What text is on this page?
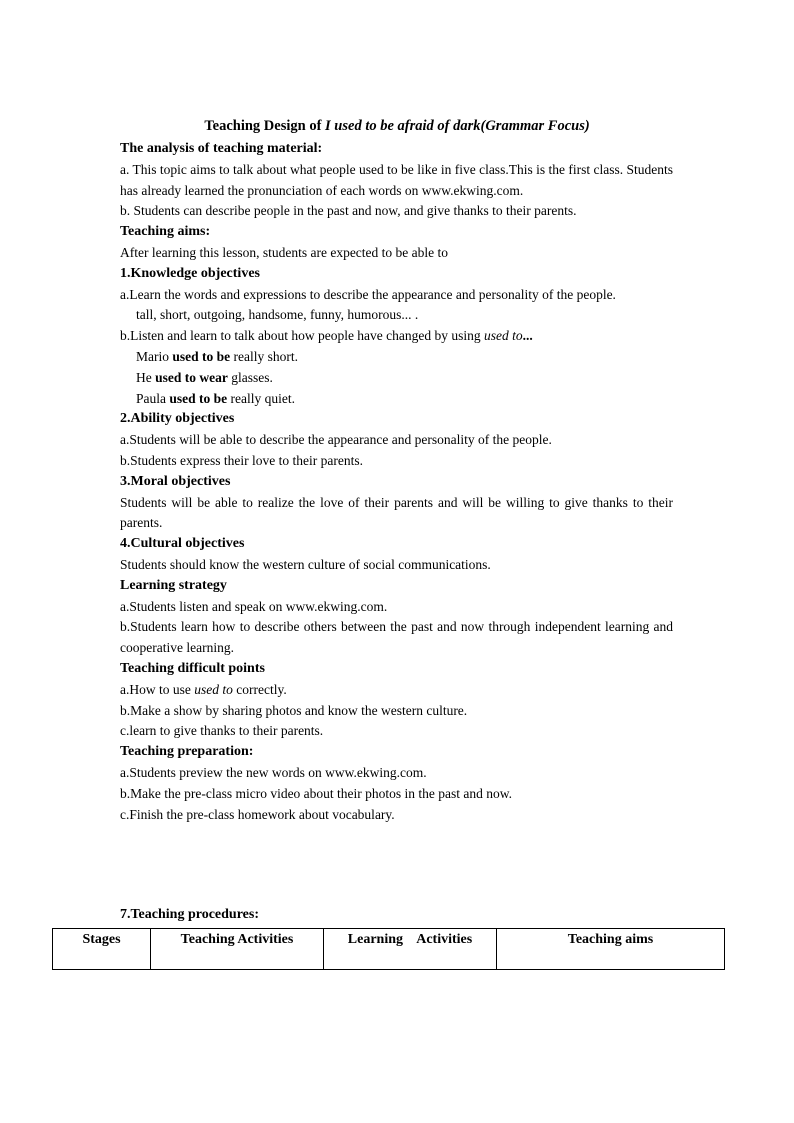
Teaching Design of I used to be afraid of dark(Grammar Focus)

The analysis of teaching material:

a. This topic aims to talk about what people used to be like in five class.This is the first class. Students has already learned the pronunciation of each words on www.ekwing.com.

b. Students can describe people in the past and now, and give thanks to their parents.

Teaching aims:

After learning this lesson, students are expected to be able to

1.Knowledge objectives

a.Learn the words and expressions to describe the appearance and personality of the people.

tall, short, outgoing, handsome, funny, humorous... .

b.Listen and learn to talk about how people have changed by using used to...

Mario used to be really short.

He used to wear glasses.

Paula used to be really quiet.

2.Ability objectives

a.Students will be able to describe the appearance and personality of the people.

b.Students express their love to their parents.

3.Moral objectives

Students will be able to realize the love of their parents and will be willing to give thanks to their parents.

4.Cultural objectives

Students should know the western culture of social communications.

Learning strategy

a.Students listen and speak on www.ekwing.com.

b.Students learn how to describe others between the past and now through independent learning and cooperative learning.

Teaching difficult points

a.How to use used to correctly.

b.Make a show by sharing photos and know the western culture.

c.learn to give thanks to their parents.

Teaching preparation:

a.Students preview the new words on www.ekwing.com.

b.Make the pre-class micro video about their photos in the past and now.

c.Finish the pre-class homework about vocabulary.

7.Teaching procedures:
Stages	Teaching Activities	Learning    Activities	Teaching aims
